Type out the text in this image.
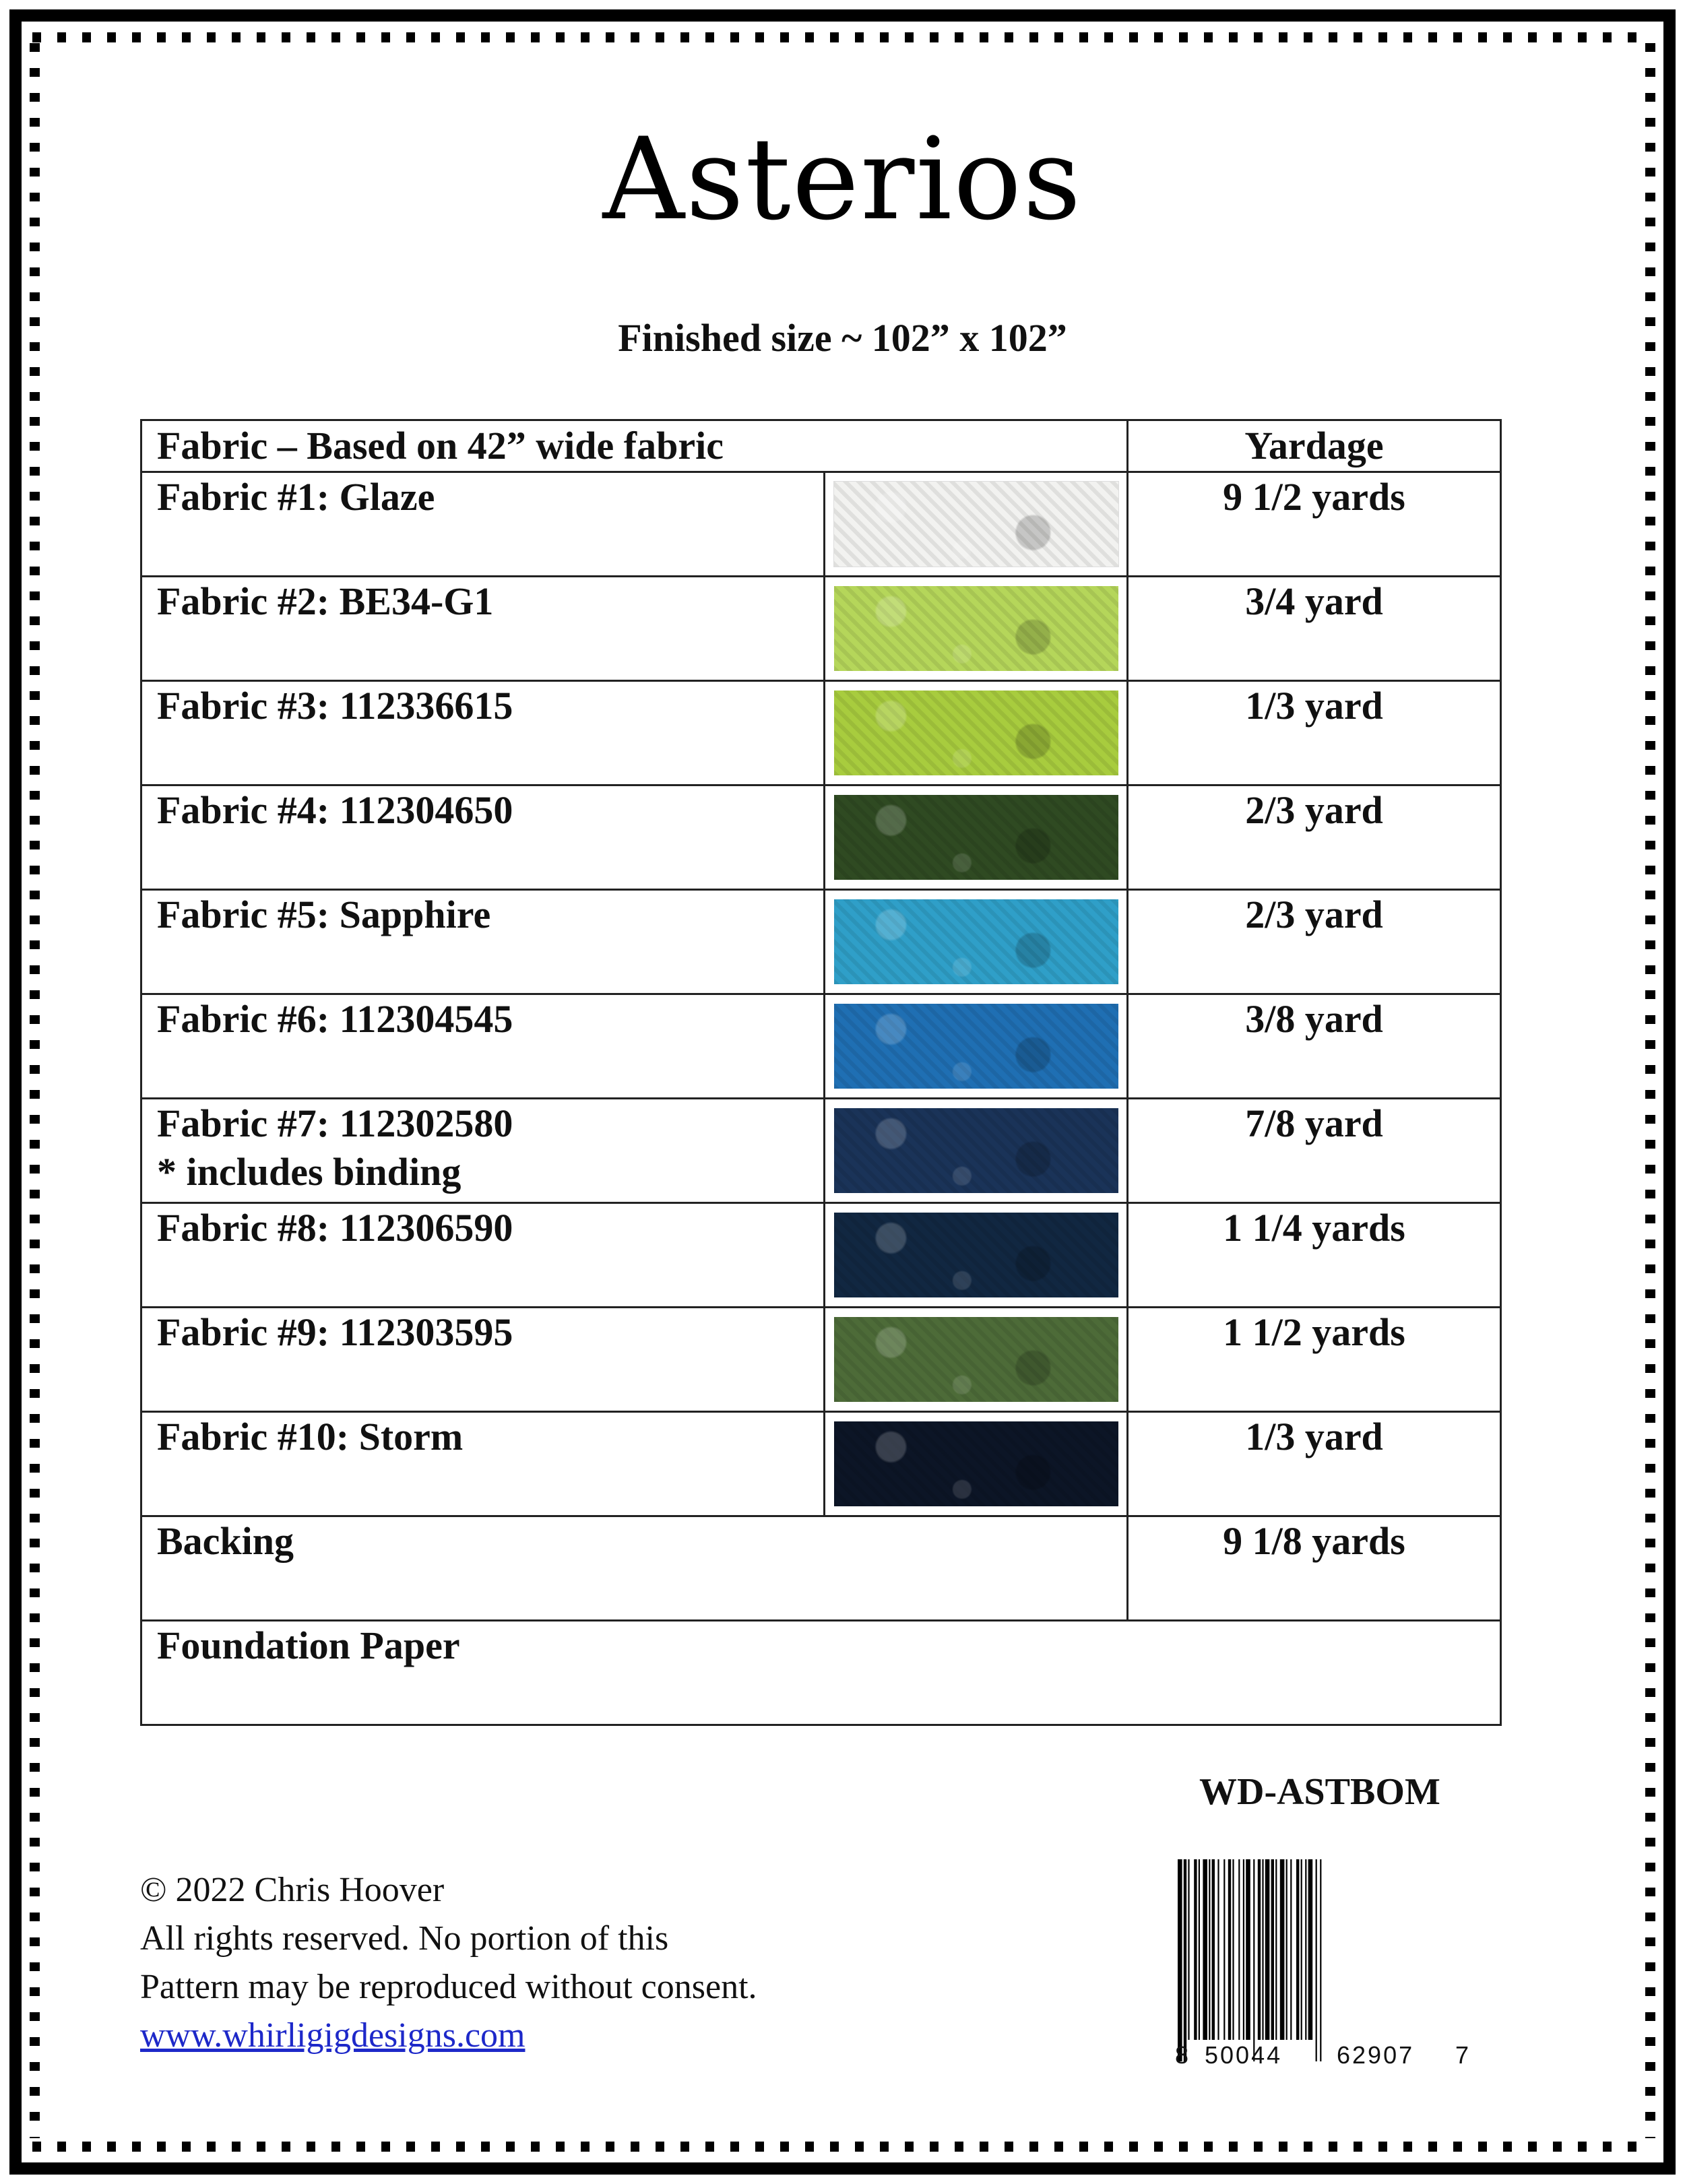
Asterios
Finished size ~ 102” x 102”
Fabric – Based on 42” wide fabric		Yardage

Fabric #1: Glaze		9 1/2 yards

Fabric #2: BE34-G1		3/4 yard

Fabric #3: 112336615		1/3 yard

Fabric #4: 112304650		2/3 yard

Fabric #5: Sapphire		2/3 yard

Fabric #6: 112304545		3/8 yard

Fabric #7: 112302580
* includes binding		7/8 yard

Fabric #8: 112306590		1 1/4 yards

Fabric #9: 112303595		1 1/2 yards

Fabric #10: Storm		1/3 yard
Backing		9 1/8 yards
Foundation Paper		
WD-ASTBOM
© 2022 Chris Hoover
All rights reserved. No portion of this
Pattern may be reproduced without consent.
www.whirligigdesigns.com
8 50044 62907 7
